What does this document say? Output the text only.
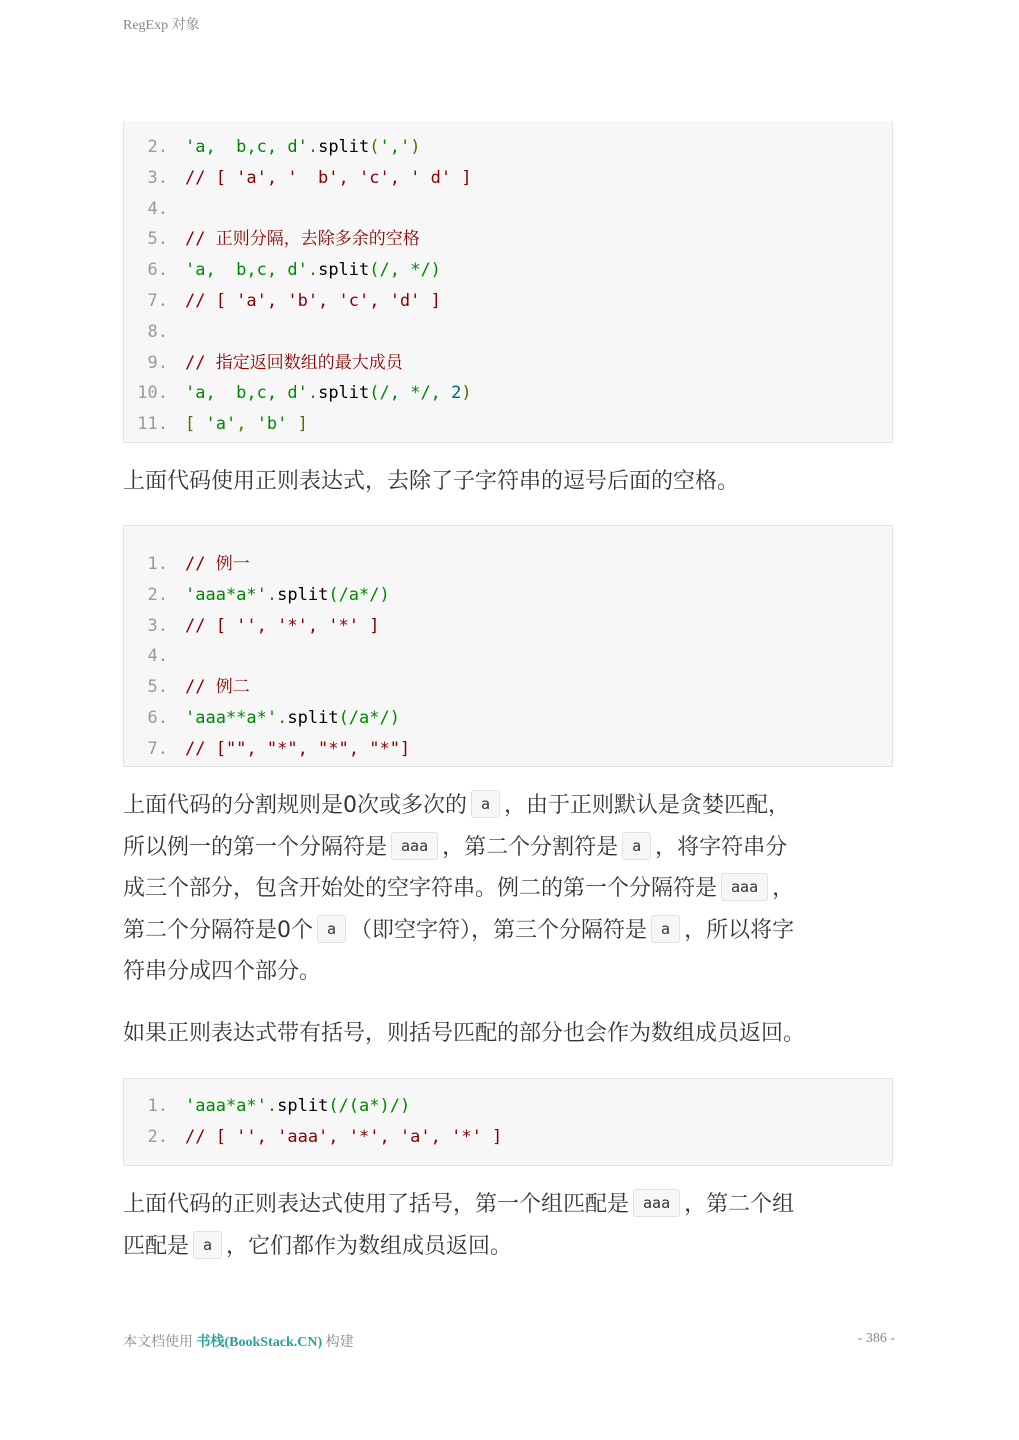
RegExp 对象
2. 'a,  b,c, d'.split(',')
3. // [ 'a', '  b', 'c', ' d' ]
4.
5. // 正则分隔，去除多余的空格
6. 'a,  b,c, d'.split(/, */)
7. // [ 'a', 'b', 'c', 'd' ]
8.
9. // 指定返回数组的最大成员
10. 'a,  b,c, d'.split(/, */, 2)
11. [ 'a', 'b' ]
上面代码使用正则表达式，去除了子字符串的逗号后面的空格。
1. // 例一
2. 'aaa*a*'.split(/a*/)
3. // [ '', '*', '*' ]
4.
5. // 例二
6. 'aaa**a*'.split(/a*/)
7. // ["", "*", "*", "*"]
上面代码的分割规则是0次或多次的 a ，由于正则默认是贪婪匹配，
所以例一的第一个分隔符是 aaa ，第二个分割符是 a ，将字符串分
成三个部分，包含开始处的空字符串。例二的第一个分隔符是 aaa ，
第二个分隔符是0个 a （即空字符），第三个分隔符是 a ，所以将字
符串分成四个部分。
如果正则表达式带有括号，则括号匹配的部分也会作为数组成员返回。
1. 'aaa*a*'.split(/(a*)/)
2. // [ '', 'aaa', '*', 'a', '*' ]
上面代码的正则表达式使用了括号，第一个组匹配是 aaa ，第二个组
匹配是 a ，它们都作为数组成员返回。
本文档使用 书栈(BookStack.CN) 构建	- 386 -
